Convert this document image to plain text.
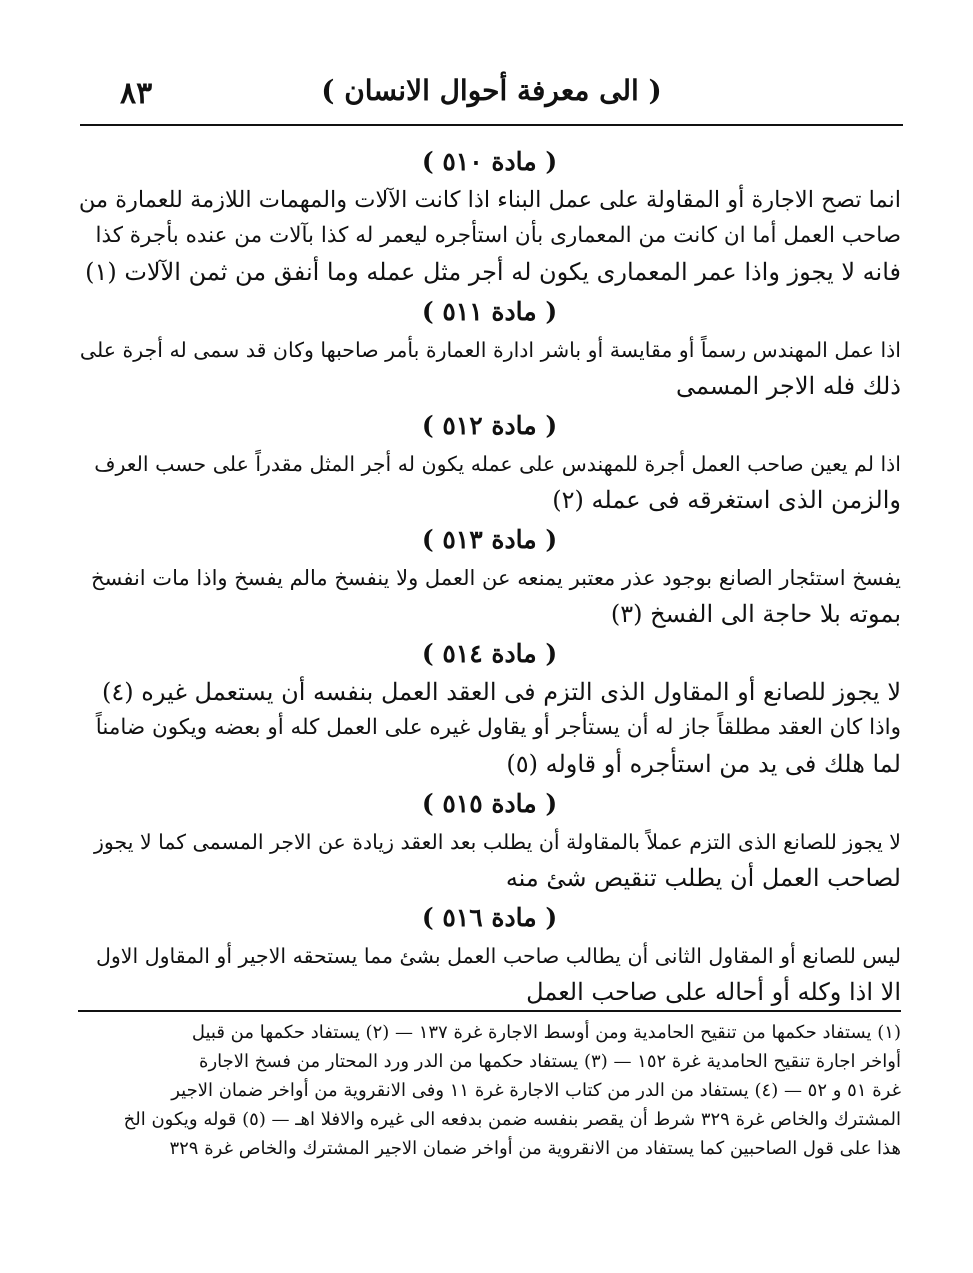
٨٣	( الى معرفة أحوال الانسان )
( مادة ٥١٠ )

انما تصح الاجارة أو المقاولة على عمل البناء اذا كانت الآلات والمهمات اللازمة للعمارة من
صاحب العمل أما ان كانت من المعمارى بأن استأجره ليعمر له كذا بآلات من عنده بأجرة كذا
فانه لا يجوز واذا عمر المعمارى يكون له أجر مثل عمله وما أنفق من ثمن الآلات (١)

( مادة ٥١١ )

اذا عمل المهندس رسماً أو مقايسة أو باشر ادارة العمارة بأمر صاحبها وكان قد سمى له أجرة على
ذلك فله الاجر المسمى

( مادة ٥١٢ )

اذا لم يعين صاحب العمل أجرة للمهندس على عمله يكون له أجر المثل مقدراً على حسب العرف
والزمن الذى استغرقه فى عمله (٢)

( مادة ٥١٣ )

يفسخ استئجار الصانع بوجود عذر معتبر يمنعه عن العمل ولا ينفسخ مالم يفسخ واذا مات انفسخ
بموته بلا حاجة الى الفسخ (٣)

( مادة ٥١٤ )

لا يجوز للصانع أو المقاول الذى التزم فى العقد العمل بنفسه أن يستعمل غيره (٤)
واذا كان العقد مطلقاً جاز له أن يستأجر أو يقاول غيره على العمل كله أو بعضه ويكون ضامناً
لما هلك فى يد من استأجره أو قاوله (٥)

( مادة ٥١٥ )

لا يجوز للصانع الذى التزم عملاً بالمقاولة أن يطلب بعد العقد زيادة عن الاجر المسمى كما لا يجوز
لصاحب العمل أن يطلب تنقيص شئ منه

( مادة ٥١٦ )

ليس للصانع أو المقاول الثانى أن يطالب صاحب العمل بشئ مما يستحقه الاجير أو المقاول الاول
الا اذا وكله أو أحاله على صاحب العمل

(١) يستفاد حكمها من تنقيح الحامدية ومن أوسط الاجارة غرة ١٣٧ — (٢) يستفاد حكمها من قبيل
أواخر اجارة تنقيح الحامدية غرة ١٥٢ — (٣) يستفاد حكمها من الدر ورد المحتار من فسخ الاجارة
غرة ٥١ و ٥٢ — (٤) يستفاد من الدر من كتاب الاجارة غرة ١١ وفى الانقروية من أواخر ضمان الاجير
المشترك والخاص غرة ٣٢٩ شرط أن يقصر بنفسه ضمن بدفعه الى غيره والافلا اهـ — (٥) قوله ويكون الخ
هذا على قول الصاحبين كما يستفاد من الانقروية من أواخر ضمان الاجير المشترك والخاص غرة ٣٢٩
